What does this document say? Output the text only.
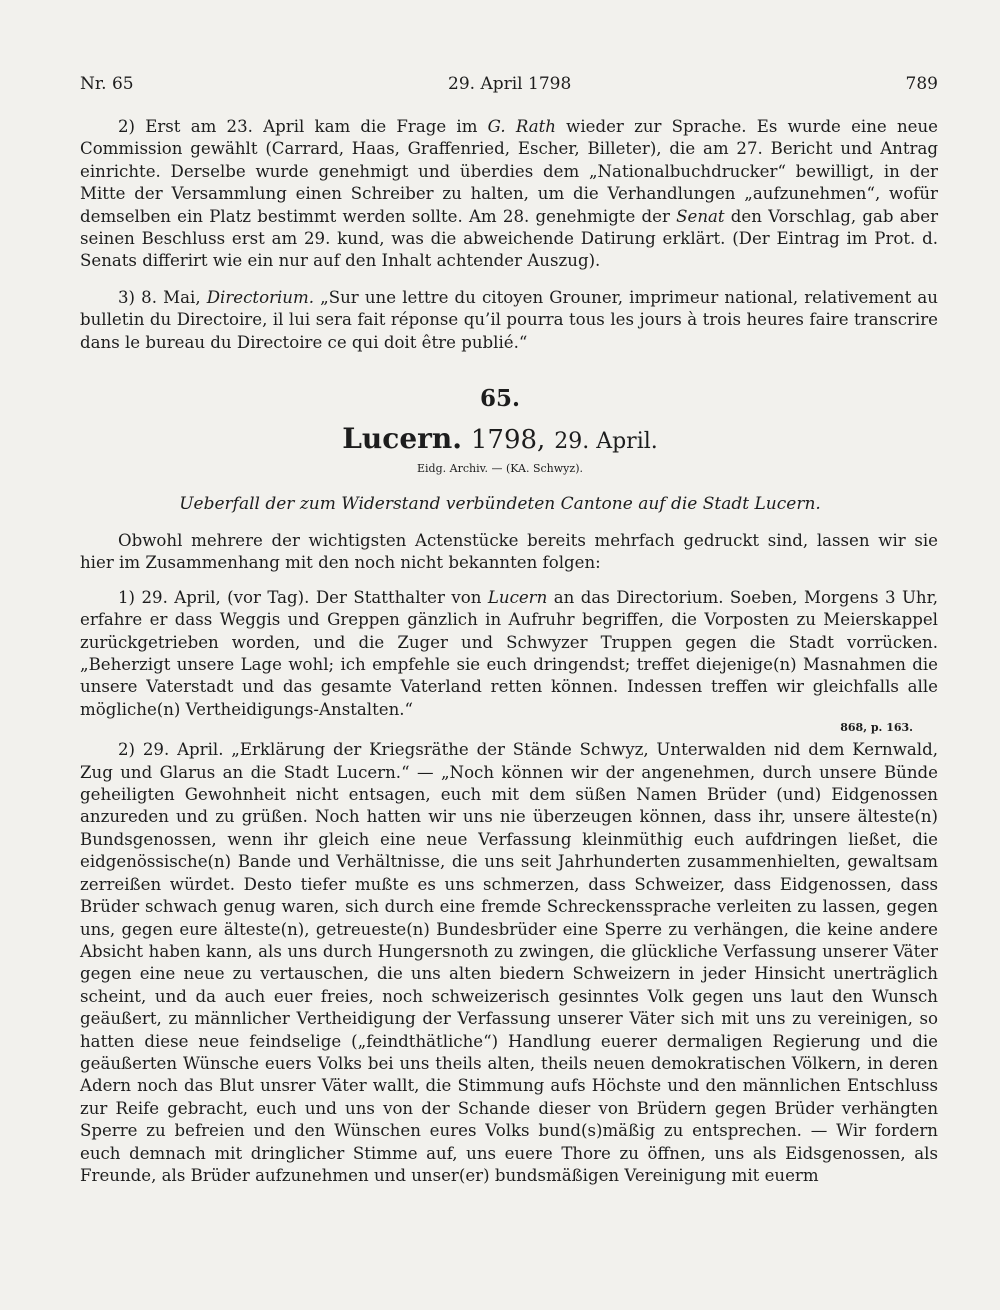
Nr. 65	29. April 1798	789

2) Erst am 23. April kam die Frage im G. Rath wieder zur Sprache. Es wurde eine neue Commission gewählt (Carrard, Haas, Graffenried, Escher, Billeter), die am 27. Bericht und Antrag einrichte. Derselbe wurde genehmigt und überdies dem „Nationalbuchdrucker“ bewilligt, in der Mitte der Versammlung einen Schreiber zu halten, um die Verhandlungen „aufzunehmen“, wofür demselben ein Platz bestimmt werden sollte. Am 28. genehmigte der Senat den Vorschlag, gab aber seinen Beschluss erst am 29. kund, was die abweichende Datirung erklärt. (Der Eintrag im Prot. d. Senats differirt wie ein nur auf den Inhalt achtender Auszug).

3) 8. Mai, Directorium. „Sur une lettre du citoyen Grouner, imprimeur national, relativement au bulletin du Directoire, il lui sera fait réponse qu’il pourra tous les jours à trois heures faire transcrire dans le bureau du Directoire ce qui doit être publié.“

65.
Lucern. 1798, 29. April.
Eidg. Archiv. — (KA. Schwyz).
Ueberfall der zum Widerstand verbündeten Cantone auf die Stadt Lucern.

Obwohl mehrere der wichtigsten Actenstücke bereits mehrfach gedruckt sind, lassen wir sie hier im Zusammenhang mit den noch nicht bekannten folgen:

1) 29. April, (vor Tag). Der Statthalter von Lucern an das Directorium. Soeben, Morgens 3 Uhr, erfahre er dass Weggis und Greppen gänzlich in Aufruhr begriffen, die Vorposten zu Meierskappel zurückgetrieben worden, und die Zuger und Schwyzer Truppen gegen die Stadt vorrücken. „Beherzigt unsere Lage wohl; ich empfehle sie euch dringendst; treffet diejenige(n) Masnahmen die unsere Vaterstadt und das gesamte Vaterland retten können. Indessen treffen wir gleichfalls alle mögliche(n) Vertheidigungs-Anstalten.“

868, p. 163.

2) 29. April. „Erklärung der Kriegsräthe der Stände Schwyz, Unterwalden nid dem Kernwald, Zug und Glarus an die Stadt Lucern.“ — „Noch können wir der angenehmen, durch unsere Bünde geheiligten Gewohnheit nicht entsagen, euch mit dem süßen Namen Brüder (und) Eidgenossen anzureden und zu grüßen. Noch hatten wir uns nie überzeugen können, dass ihr, unsere älteste(n) Bundsgenossen, wenn ihr gleich eine neue Verfassung kleinmüthig euch aufdringen ließet, die eidgenössische(n) Bande und Verhältnisse, die uns seit Jahrhunderten zusammenhielten, gewaltsam zerreißen würdet. Desto tiefer mußte es uns schmerzen, dass Schweizer, dass Eidgenossen, dass Brüder schwach genug waren, sich durch eine fremde Schreckenssprache verleiten zu lassen, gegen uns, gegen eure älteste(n), getreueste(n) Bundesbrüder eine Sperre zu verhängen, die keine andere Absicht haben kann, als uns durch Hungersnoth zu zwingen, die glückliche Verfassung unserer Väter gegen eine neue zu vertauschen, die uns alten biedern Schweizern in jeder Hinsicht unerträglich scheint, und da auch euer freies, noch schweizerisch gesinntes Volk gegen uns laut den Wunsch geäußert, zu männlicher Vertheidigung der Verfassung unserer Väter sich mit uns zu vereinigen, so hatten diese neue feindselige („feindthätliche“) Handlung euerer dermaligen Regierung und die geäußerten Wünsche euers Volks bei uns theils alten, theils neuen demokratischen Völkern, in deren Adern noch das Blut unsrer Väter wallt, die Stimmung aufs Höchste und den männlichen Entschluss zur Reife gebracht, euch und uns von der Schande dieser von Brüdern gegen Brüder verhängten Sperre zu befreien und den Wünschen eures Volks bund(s)mäßig zu entsprechen. — Wir fordern euch demnach mit dringlicher Stimme auf, uns euere Thore zu öffnen, uns als Eidsgenossen, als Freunde, als Brüder aufzunehmen und unser(er) bundsmäßigen Vereinigung mit euerm
